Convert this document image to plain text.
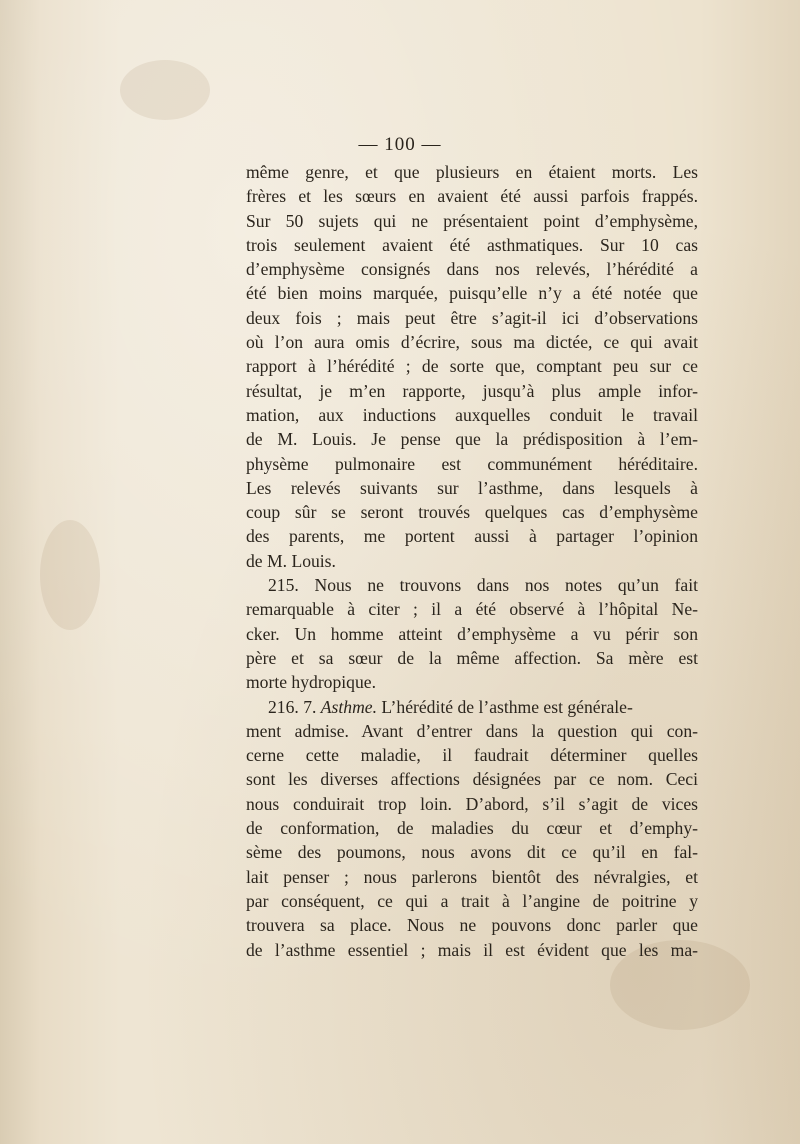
— 100 —
même genre, et que plusieurs en étaient morts. Les
frères et les sœurs en avaient été aussi parfois frappés.
Sur 50 sujets qui ne présentaient point d’emphysème,
trois seulement avaient été asthmatiques. Sur 10 cas
d’emphysème consignés dans nos relevés, l’hérédité a
été bien moins marquée, puisqu’elle n’y a été notée que
deux fois ; mais peut être s’agit-il ici d’observations
où l’on aura omis d’écrire, sous ma dictée, ce qui avait
rapport à l’hérédité ; de sorte que, comptant peu sur ce
résultat, je m’en rapporte, jusqu’à plus ample infor-
mation, aux inductions auxquelles conduit le travail
de M. Louis. Je pense que la prédisposition à l’em-
physème pulmonaire est communément héréditaire.
Les relevés suivants sur l’asthme, dans lesquels à
coup sûr se seront trouvés quelques cas d’emphysème
des parents, me portent aussi à partager l’opinion
de M. Louis.
215. Nous ne trouvons dans nos notes qu’un fait
remarquable à citer ; il a été observé à l’hôpital Ne-
cker. Un homme atteint d’emphysème a vu périr son
père et sa sœur de la même affection. Sa mère est
morte hydropique.
216. 7. Asthme. L’hérédité de l’asthme est générale-
ment admise. Avant d’entrer dans la question qui con-
cerne cette maladie, il faudrait déterminer quelles
sont les diverses affections désignées par ce nom. Ceci
nous conduirait trop loin. D’abord, s’il s’agit de vices
de conformation, de maladies du cœur et d’emphy-
sème des poumons, nous avons dit ce qu’il en fal-
lait penser ; nous parlerons bientôt des névralgies, et
par conséquent, ce qui a trait à l’angine de poitrine y
trouvera sa place. Nous ne pouvons donc parler que
de l’asthme essentiel ; mais il est évident que les ma-
